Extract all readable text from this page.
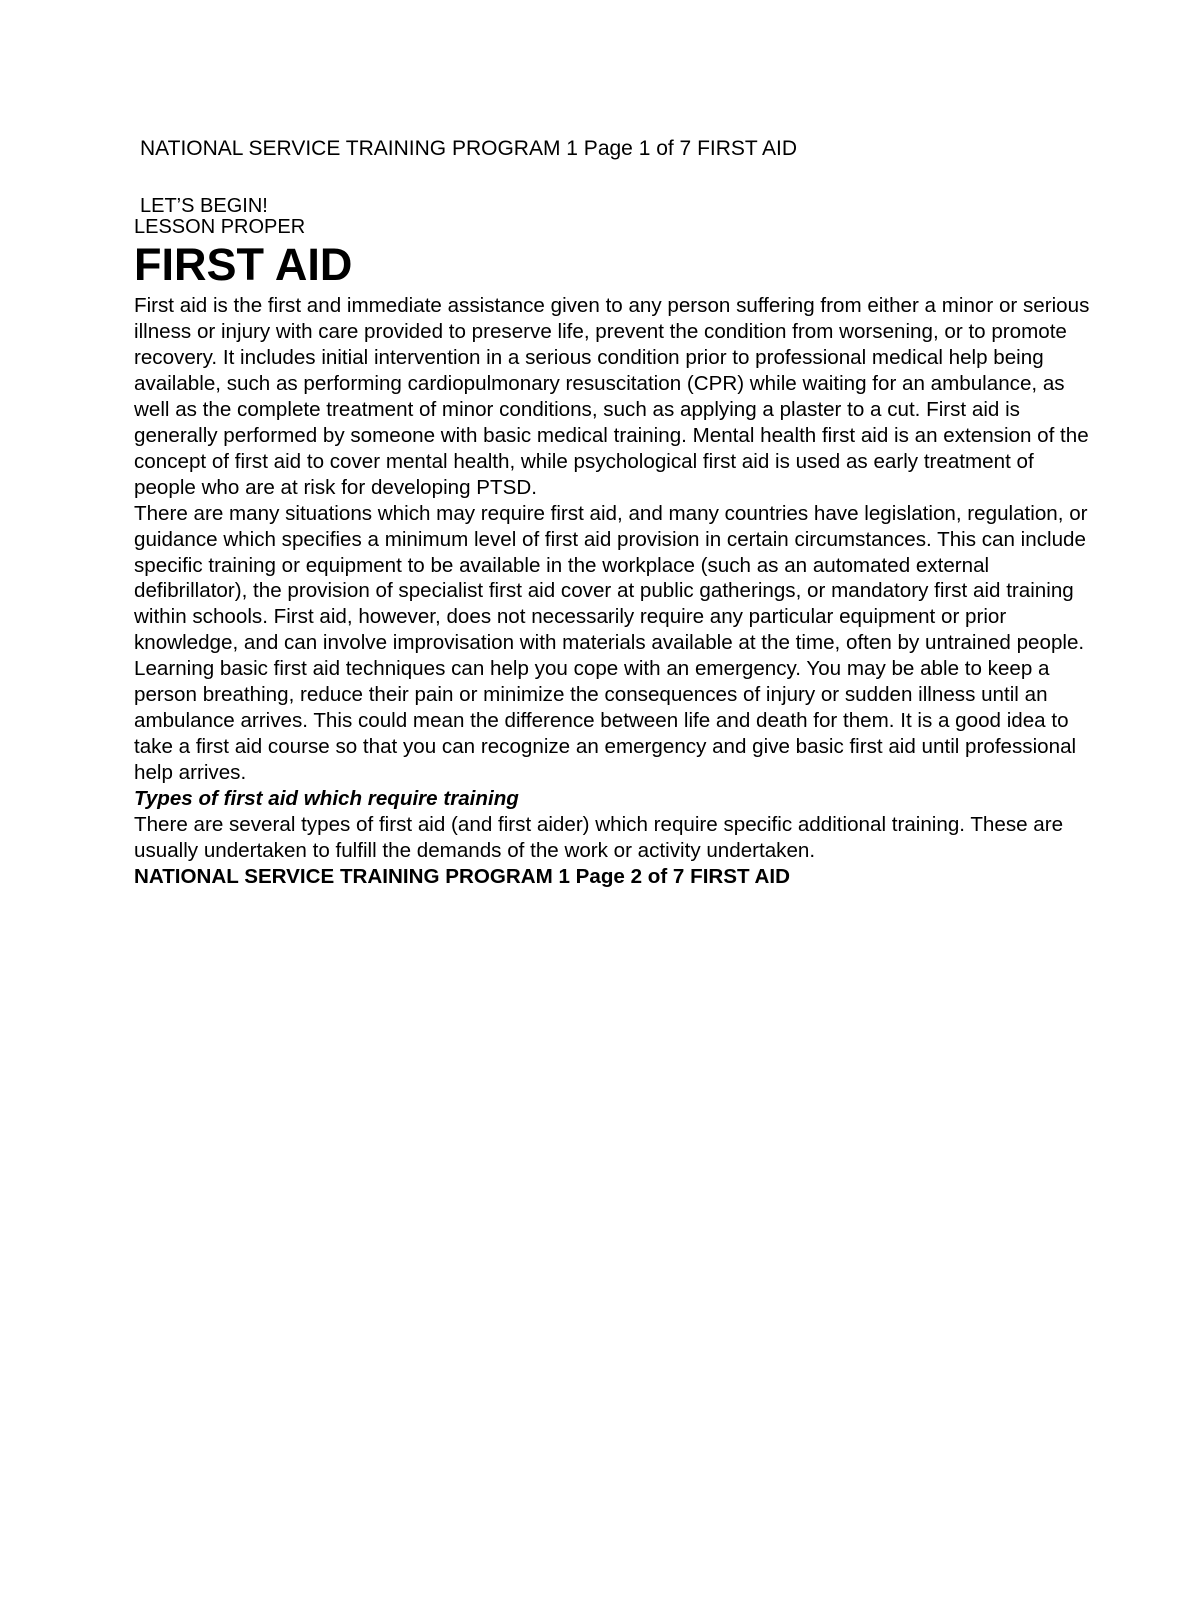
NATIONAL SERVICE TRAINING PROGRAM 1 Page 1 of 7 FIRST AID
LET’S BEGIN!
LESSON PROPER
FIRST AID

First aid is the first and immediate assistance given to any person suffering from either a minor or serious illness or injury with care provided to preserve life, prevent the condition from worsening, or to promote recovery. It includes initial intervention in a serious condition prior to professional medical help being available, such as performing cardiopulmonary resuscitation (CPR) while waiting for an ambulance, as well as the complete treatment of minor conditions, such as applying a plaster to a cut. First aid is generally performed by someone with basic medical training. Mental health first aid is an extension of the concept of first aid to cover mental health, while psychological first aid is used as early treatment of people who are at risk for developing PTSD.

There are many situations which may require first aid, and many countries have legislation, regulation, or guidance which specifies a minimum level of first aid provision in certain circumstances. This can include specific training or equipment to be available in the workplace (such as an automated external defibrillator), the provision of specialist first aid cover at public gatherings, or mandatory first aid training within schools. First aid, however, does not necessarily require any particular equipment or prior knowledge, and can involve improvisation with materials available at the time, often by untrained people.

Learning basic first aid techniques can help you cope with an emergency. You may be able to keep a person breathing, reduce their pain or minimize the consequences of injury or sudden illness until an ambulance arrives. This could mean the difference between life and death for them. It is a good idea to take a first aid course so that you can recognize an emergency and give basic first aid until professional help arrives.

Types of first aid which require training

There are several types of first aid (and first aider) which require specific additional training. These are usually undertaken to fulfill the demands of the work or activity undertaken.

NATIONAL SERVICE TRAINING PROGRAM 1 Page 2 of 7 FIRST AID
